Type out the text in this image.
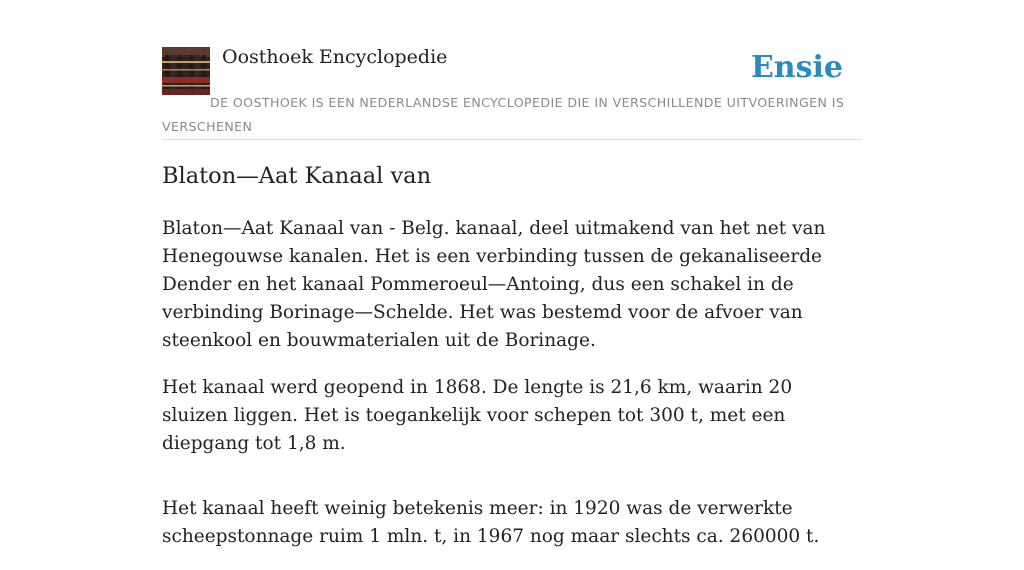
Oosthoek Encyclopedie	Ensie
DE OOSTHOEK IS EEN NEDERLANDSE ENCYCLOPEDIE DIE IN VERSCHILLENDE UITVOERINGEN IS VERSCHENEN
Blaton—Aat Kanaal van

Blaton—Aat Kanaal van - Belg. kanaal, deel uitmakend van het net van Henegouwse kanalen. Het is een verbinding tussen de gekanaliseerde Dender en het kanaal Pommeroeul—Antoing, dus een schakel in de verbinding Borinage—Schelde. Het was bestemd voor de afvoer van steenkool en bouwmaterialen uit de Borinage.

Het kanaal werd geopend in 1868. De lengte is 21,6 km, waarin 20 sluizen liggen. Het is toegankelijk voor schepen tot 300 t, met een diepgang tot 1,8 m.

Het kanaal heeft weinig betekenis meer: in 1920 was de verwerkte scheepstonnage ruim 1 mln. t, in 1967 nog maar slechts ca. 260000 t.
